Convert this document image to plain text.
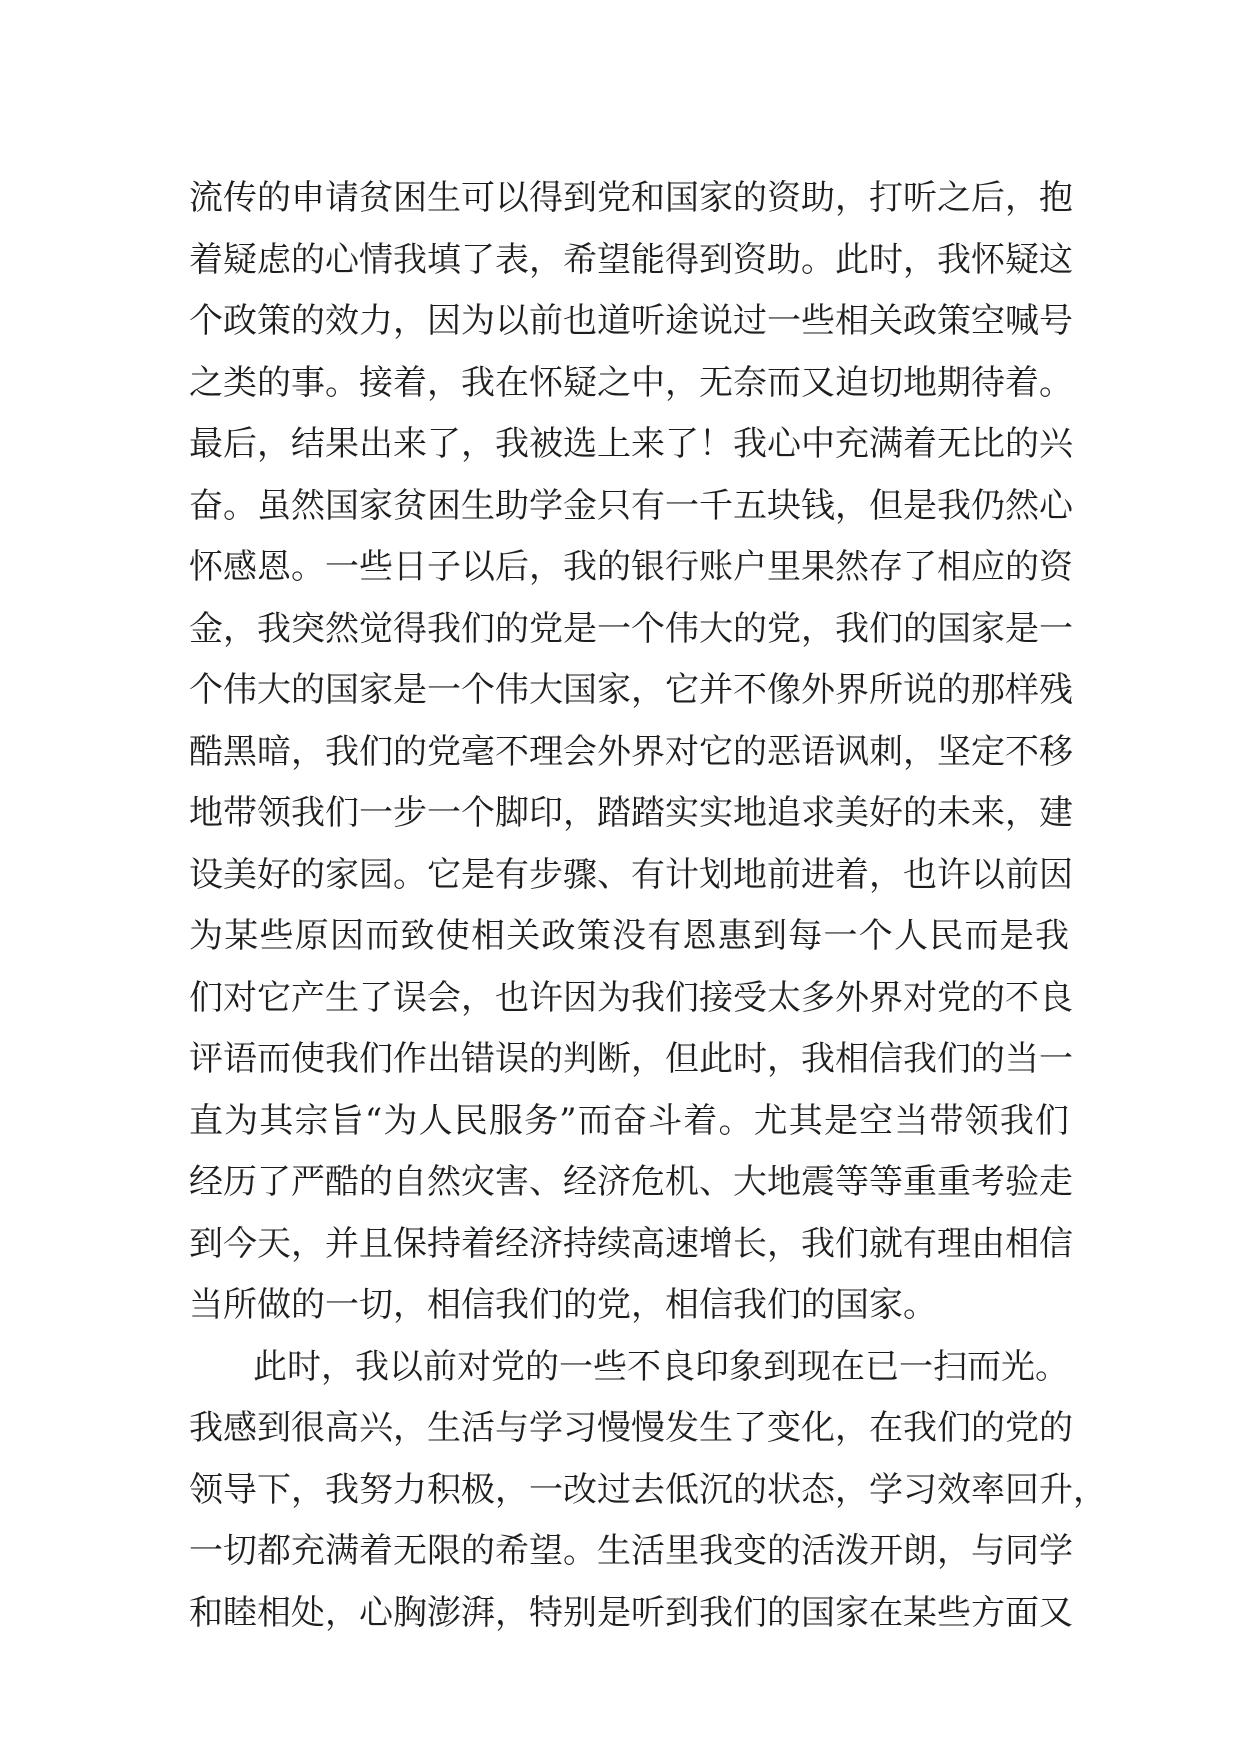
流传的申请贫困生可以得到党和国家的资助，打听之后，抱
着疑虑的心情我填了表，希望能得到资助。此时，我怀疑这
个政策的效力，因为以前也道听途说过一些相关政策空喊号
之类的事。接着，我在怀疑之中，无奈而又迫切地期待着。
最后，结果出来了，我被选上来了！我心中充满着无比的兴
奋。虽然国家贫困生助学金只有一千五块钱，但是我仍然心
怀感恩。一些日子以后，我的银行账户里果然存了相应的资
金，我突然觉得我们的党是一个伟大的党，我们的国家是一
个伟大的国家是一个伟大国家，它并不像外界所说的那样残
酷黑暗，我们的党毫不理会外界对它的恶语讽刺，坚定不移
地带领我们一步一个脚印，踏踏实实地追求美好的未来，建
设美好的家园。它是有步骤、有计划地前进着，也许以前因
为某些原因而致使相关政策没有恩惠到每一个人民而是我
们对它产生了误会，也许因为我们接受太多外界对党的不良
评语而使我们作出错误的判断，但此时，我相信我们的当一
直为其宗旨“为人民服务”而奋斗着。尤其是空当带领我们
经历了严酷的自然灾害、经济危机、大地震等等重重考验走
到今天，并且保持着经济持续高速增长，我们就有理由相信
当所做的一切，相信我们的党，相信我们的国家。
此时，我以前对党的一些不良印象到现在已一扫而光。
我感到很高兴，生活与学习慢慢发生了变化，在我们的党的
领导下，我努力积极，一改过去低沉的状态，学习效率回升，
一切都充满着无限的希望。生活里我变的活泼开朗，与同学
和睦相处，心胸澎湃，特别是听到我们的国家在某些方面又
